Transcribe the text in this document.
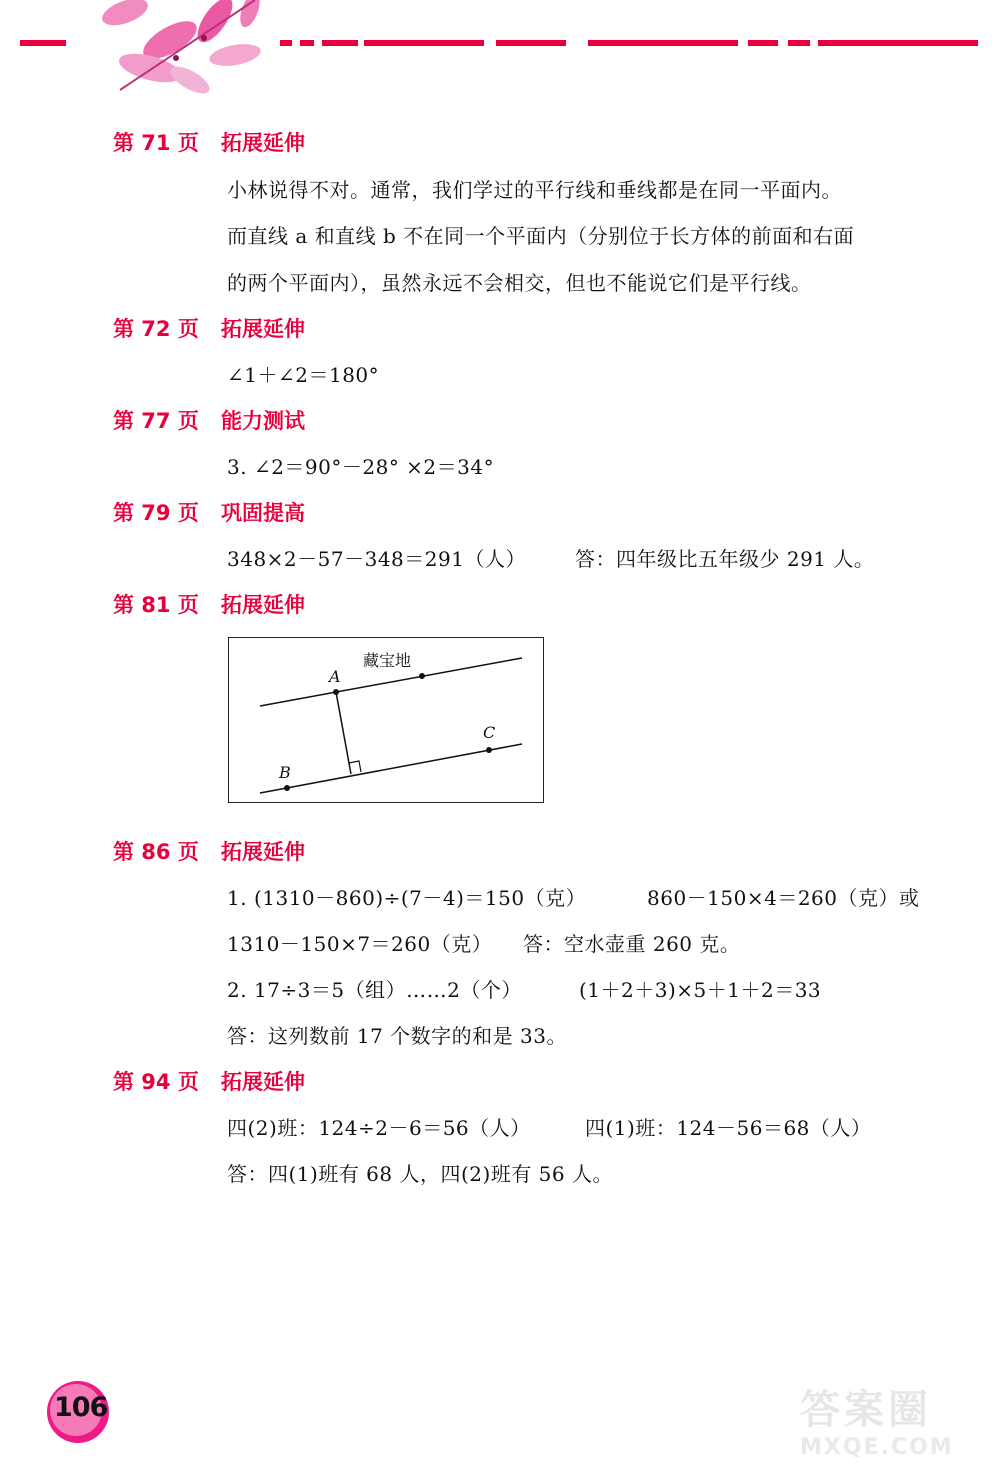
第 71 页 拓展延伸
小林说得不对。通常，我们学过的平行线和垂线都是在同一平面内。
而直线 a 和直线 b 不在同一个平面内（分别位于长方体的前面和右面
的两个平面内），虽然永远不会相交，但也不能说它们是平行线。
第 72 页 拓展延伸
∠1＋∠2＝180°
第 77 页 能力测试
3. ∠2＝90°－28° ×2＝34°
第 79 页 巩固提高
348×2－57－348＝291（人） 答：四年级比五年级少 291 人。
第 81 页 拓展延伸
A
藏宝地
C
B
第 86 页 拓展延伸
1. (1310－860)÷(7－4)＝150（克）	860－150×4＝260（克）或
1310－150×7＝260（克） 答：空水壶重 260 克。
2. 17÷3＝5（组）……2（个）	(1＋2＋3)×5＋1＋2＝33
答：这列数前 17 个数字的和是 33。
第 94 页 拓展延伸
四(2)班：124÷2－6＝56（人）	四(1)班：124－56＝68（人）
答：四(1)班有 68 人，四(2)班有 56 人。
106	答案圈
MXQE.COM
